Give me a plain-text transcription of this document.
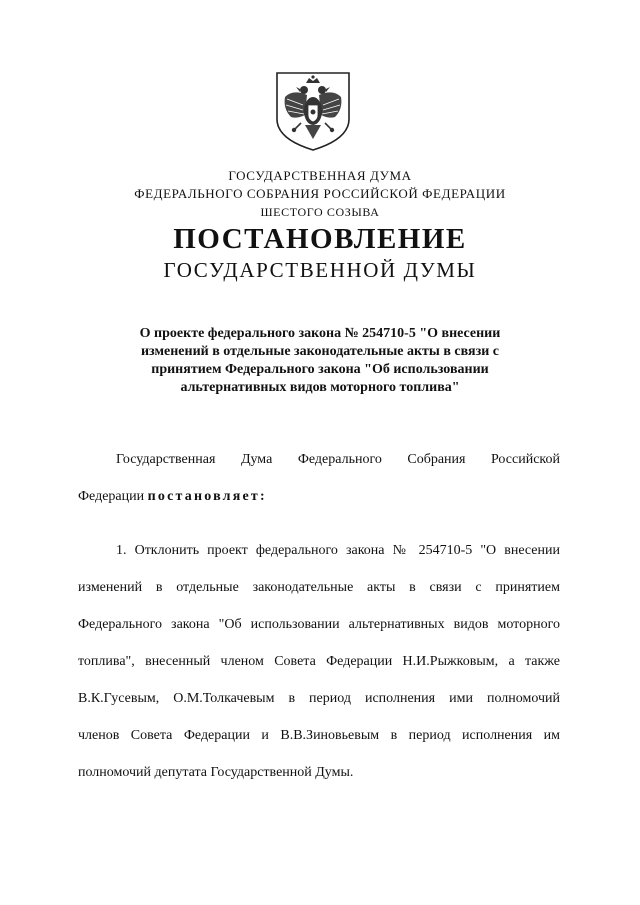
ГОСУДАРСТВЕННАЯ ДУМА
ФЕДЕРАЛЬНОГО СОБРАНИЯ РОССИЙСКОЙ ФЕДЕРАЦИИ
ШЕСТОГО СОЗЫВА
ПОСТАНОВЛЕНИЕ
ГОСУДАРСТВЕННОЙ ДУМЫ
О проекте федерального закона № 254710-5 "О внесении
изменений в отдельные законодательные акты в связи с
принятием Федерального закона "Об использовании
альтернативных видов моторного топлива"
Государственная Дума Федерального Собрания Российской
Федерации постановляет:
1. Отклонить проект федерального закона № 254710-5 "О внесении
изменений в отдельные законодательные акты в связи с принятием
Федерального закона "Об использовании альтернативных видов моторного
топлива", внесенный членом Совета Федерации Н.И.Рыжковым, а также
В.К.Гусевым, О.М.Толкачевым в период исполнения ими полномочий
членов Совета Федерации и В.В.Зиновьевым в период исполнения им
полномочий депутата Государственной Думы.
